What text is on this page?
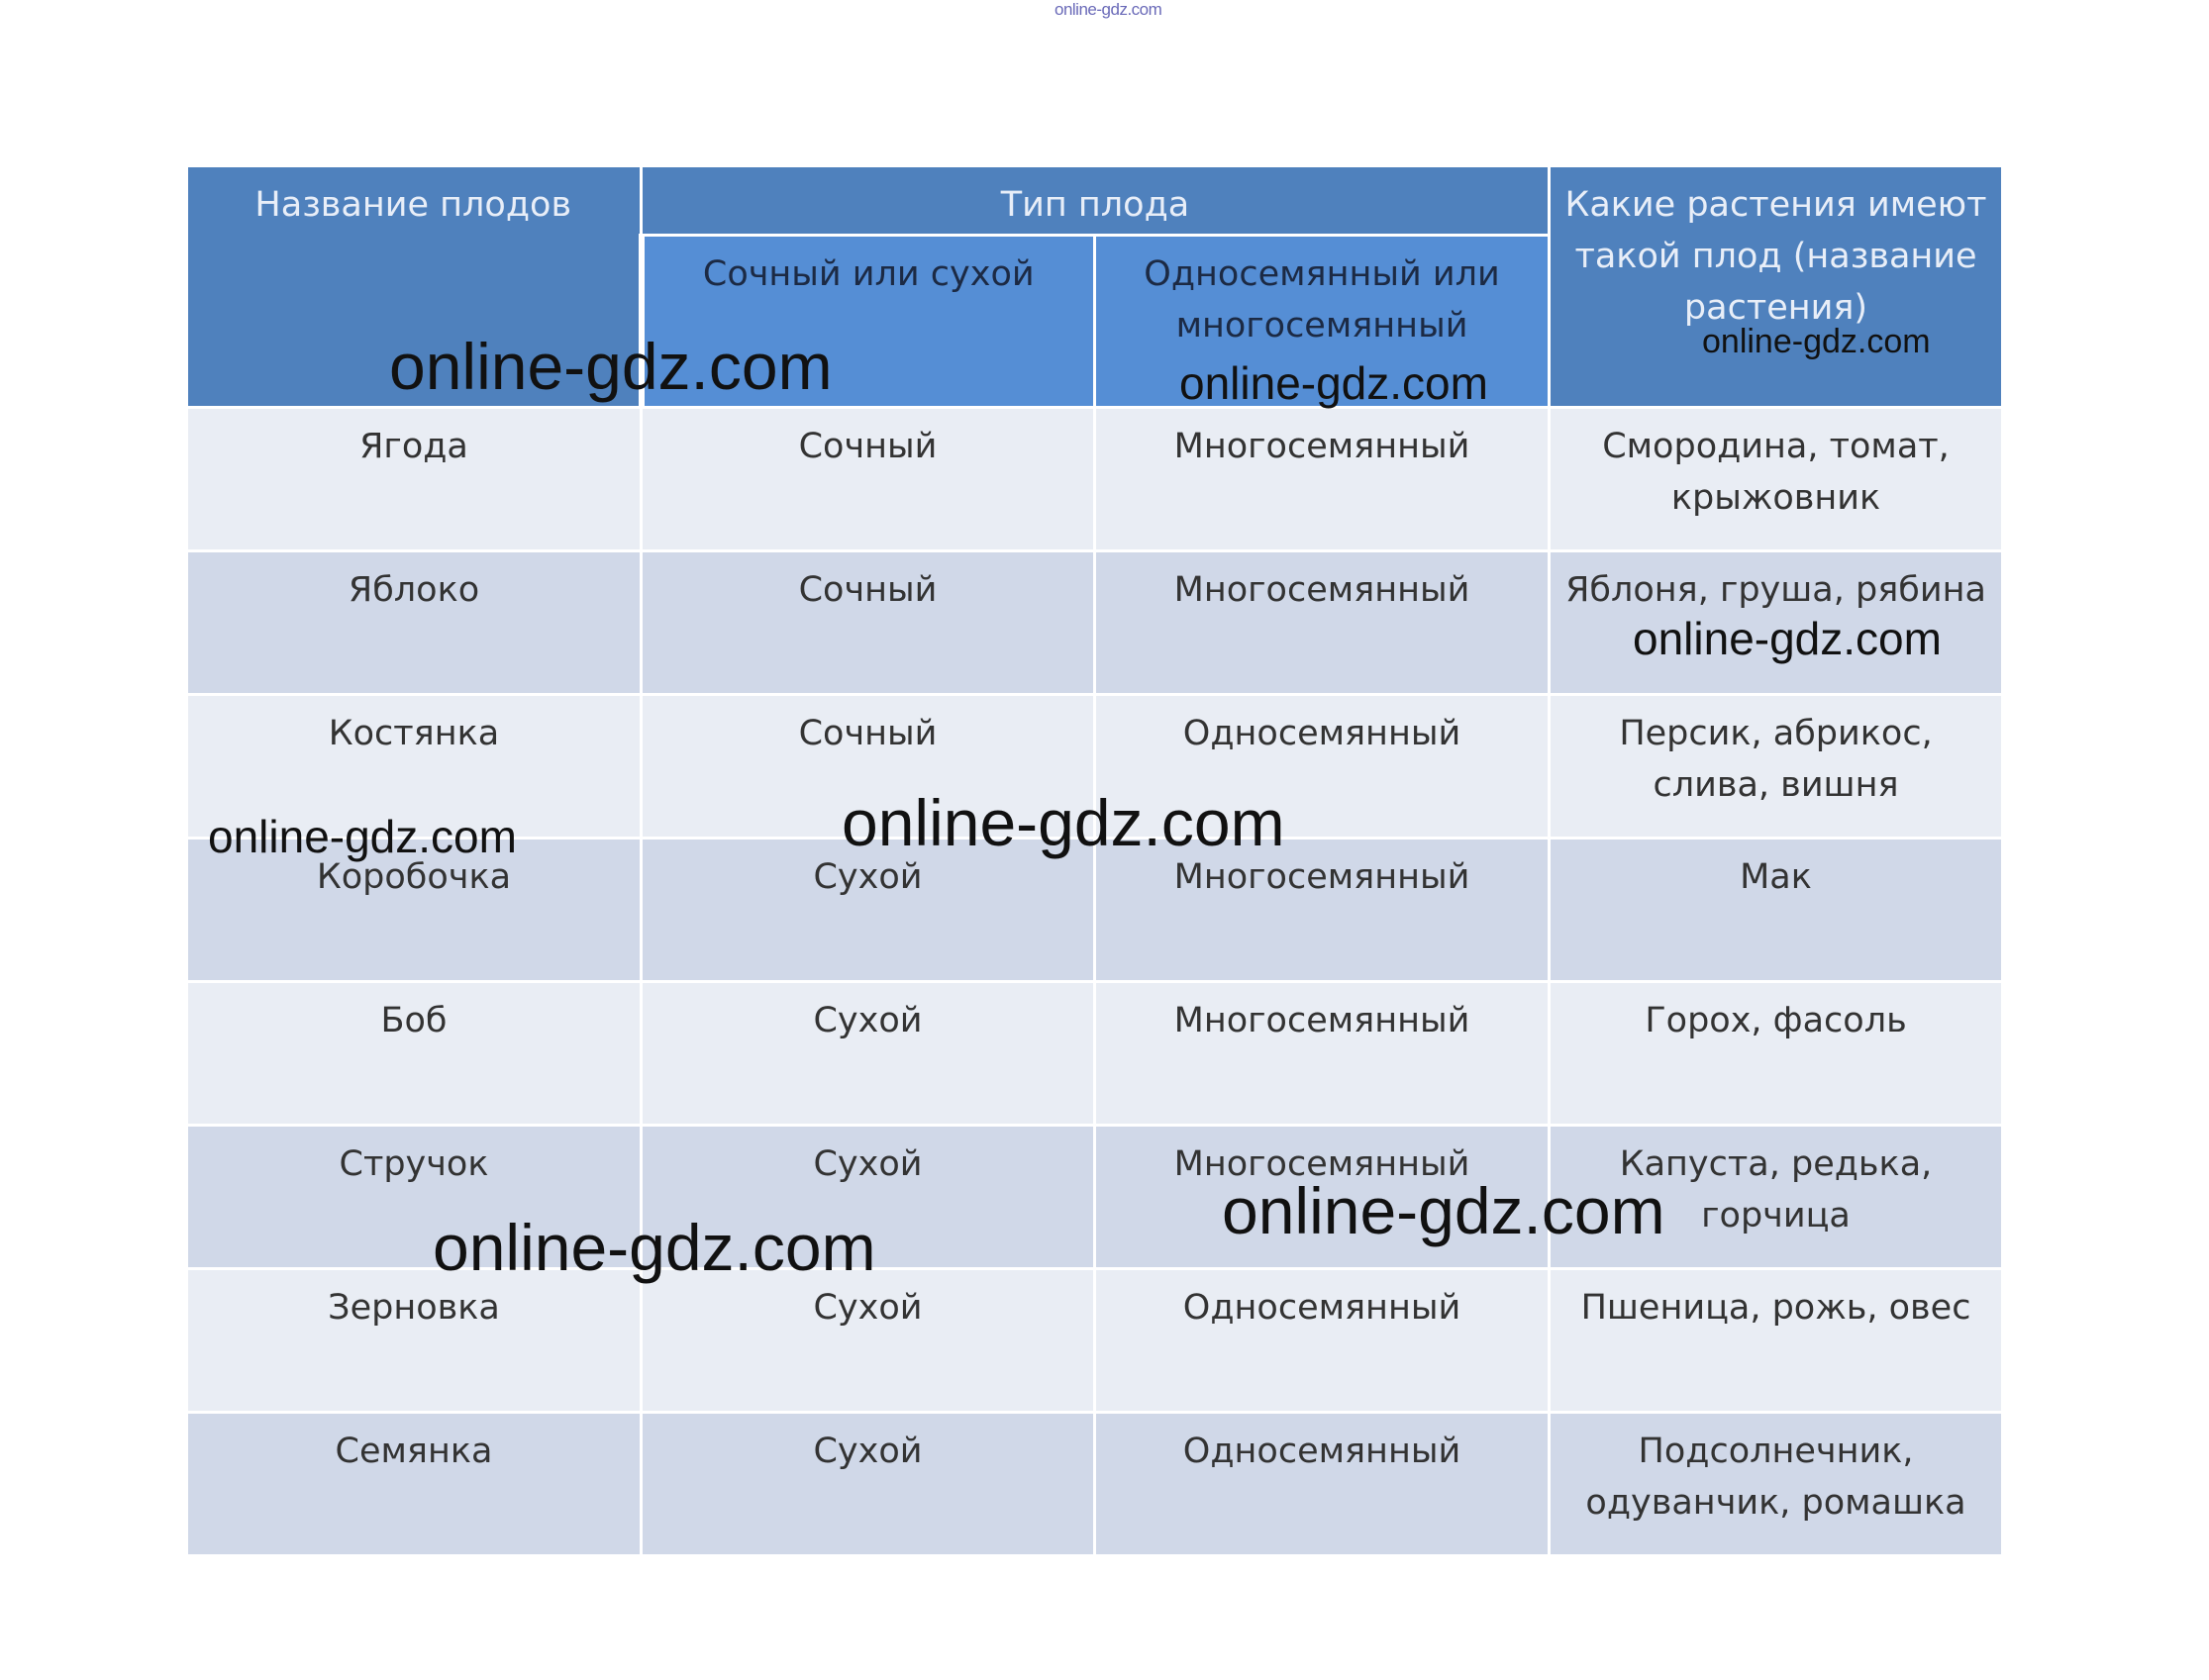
online-gdz.com
Название плодов	Тип плода		Какие растения имеют такой плод (название растения)
	Сочный или сухой	Односемянный или многосемянный	
Ягода	Сочный	Многосемянный	Смородина, томат, крыжовник
Яблоко	Сочный	Многосемянный	Яблоня, груша, рябина
Костянка	Сочный	Односемянный	Персик, абрикос, слива, вишня
Коробочка	Сухой	Многосемянный	Мак
Боб	Сухой	Многосемянный	Горох, фасоль
Стручок	Сухой	Многосемянный	Капуста, редька, горчица
Зерновка	Сухой	Односемянный	Пшеница, рожь, овес
Семянка	Сухой	Односемянный	Подсолнечник, одуванчик, ромашка
online-gdz.com	online-gdz.com
online-gdz.com
online-gdz.com
online-gdz.com
online-gdz.com
online-gdz.com
online-gdz.com
